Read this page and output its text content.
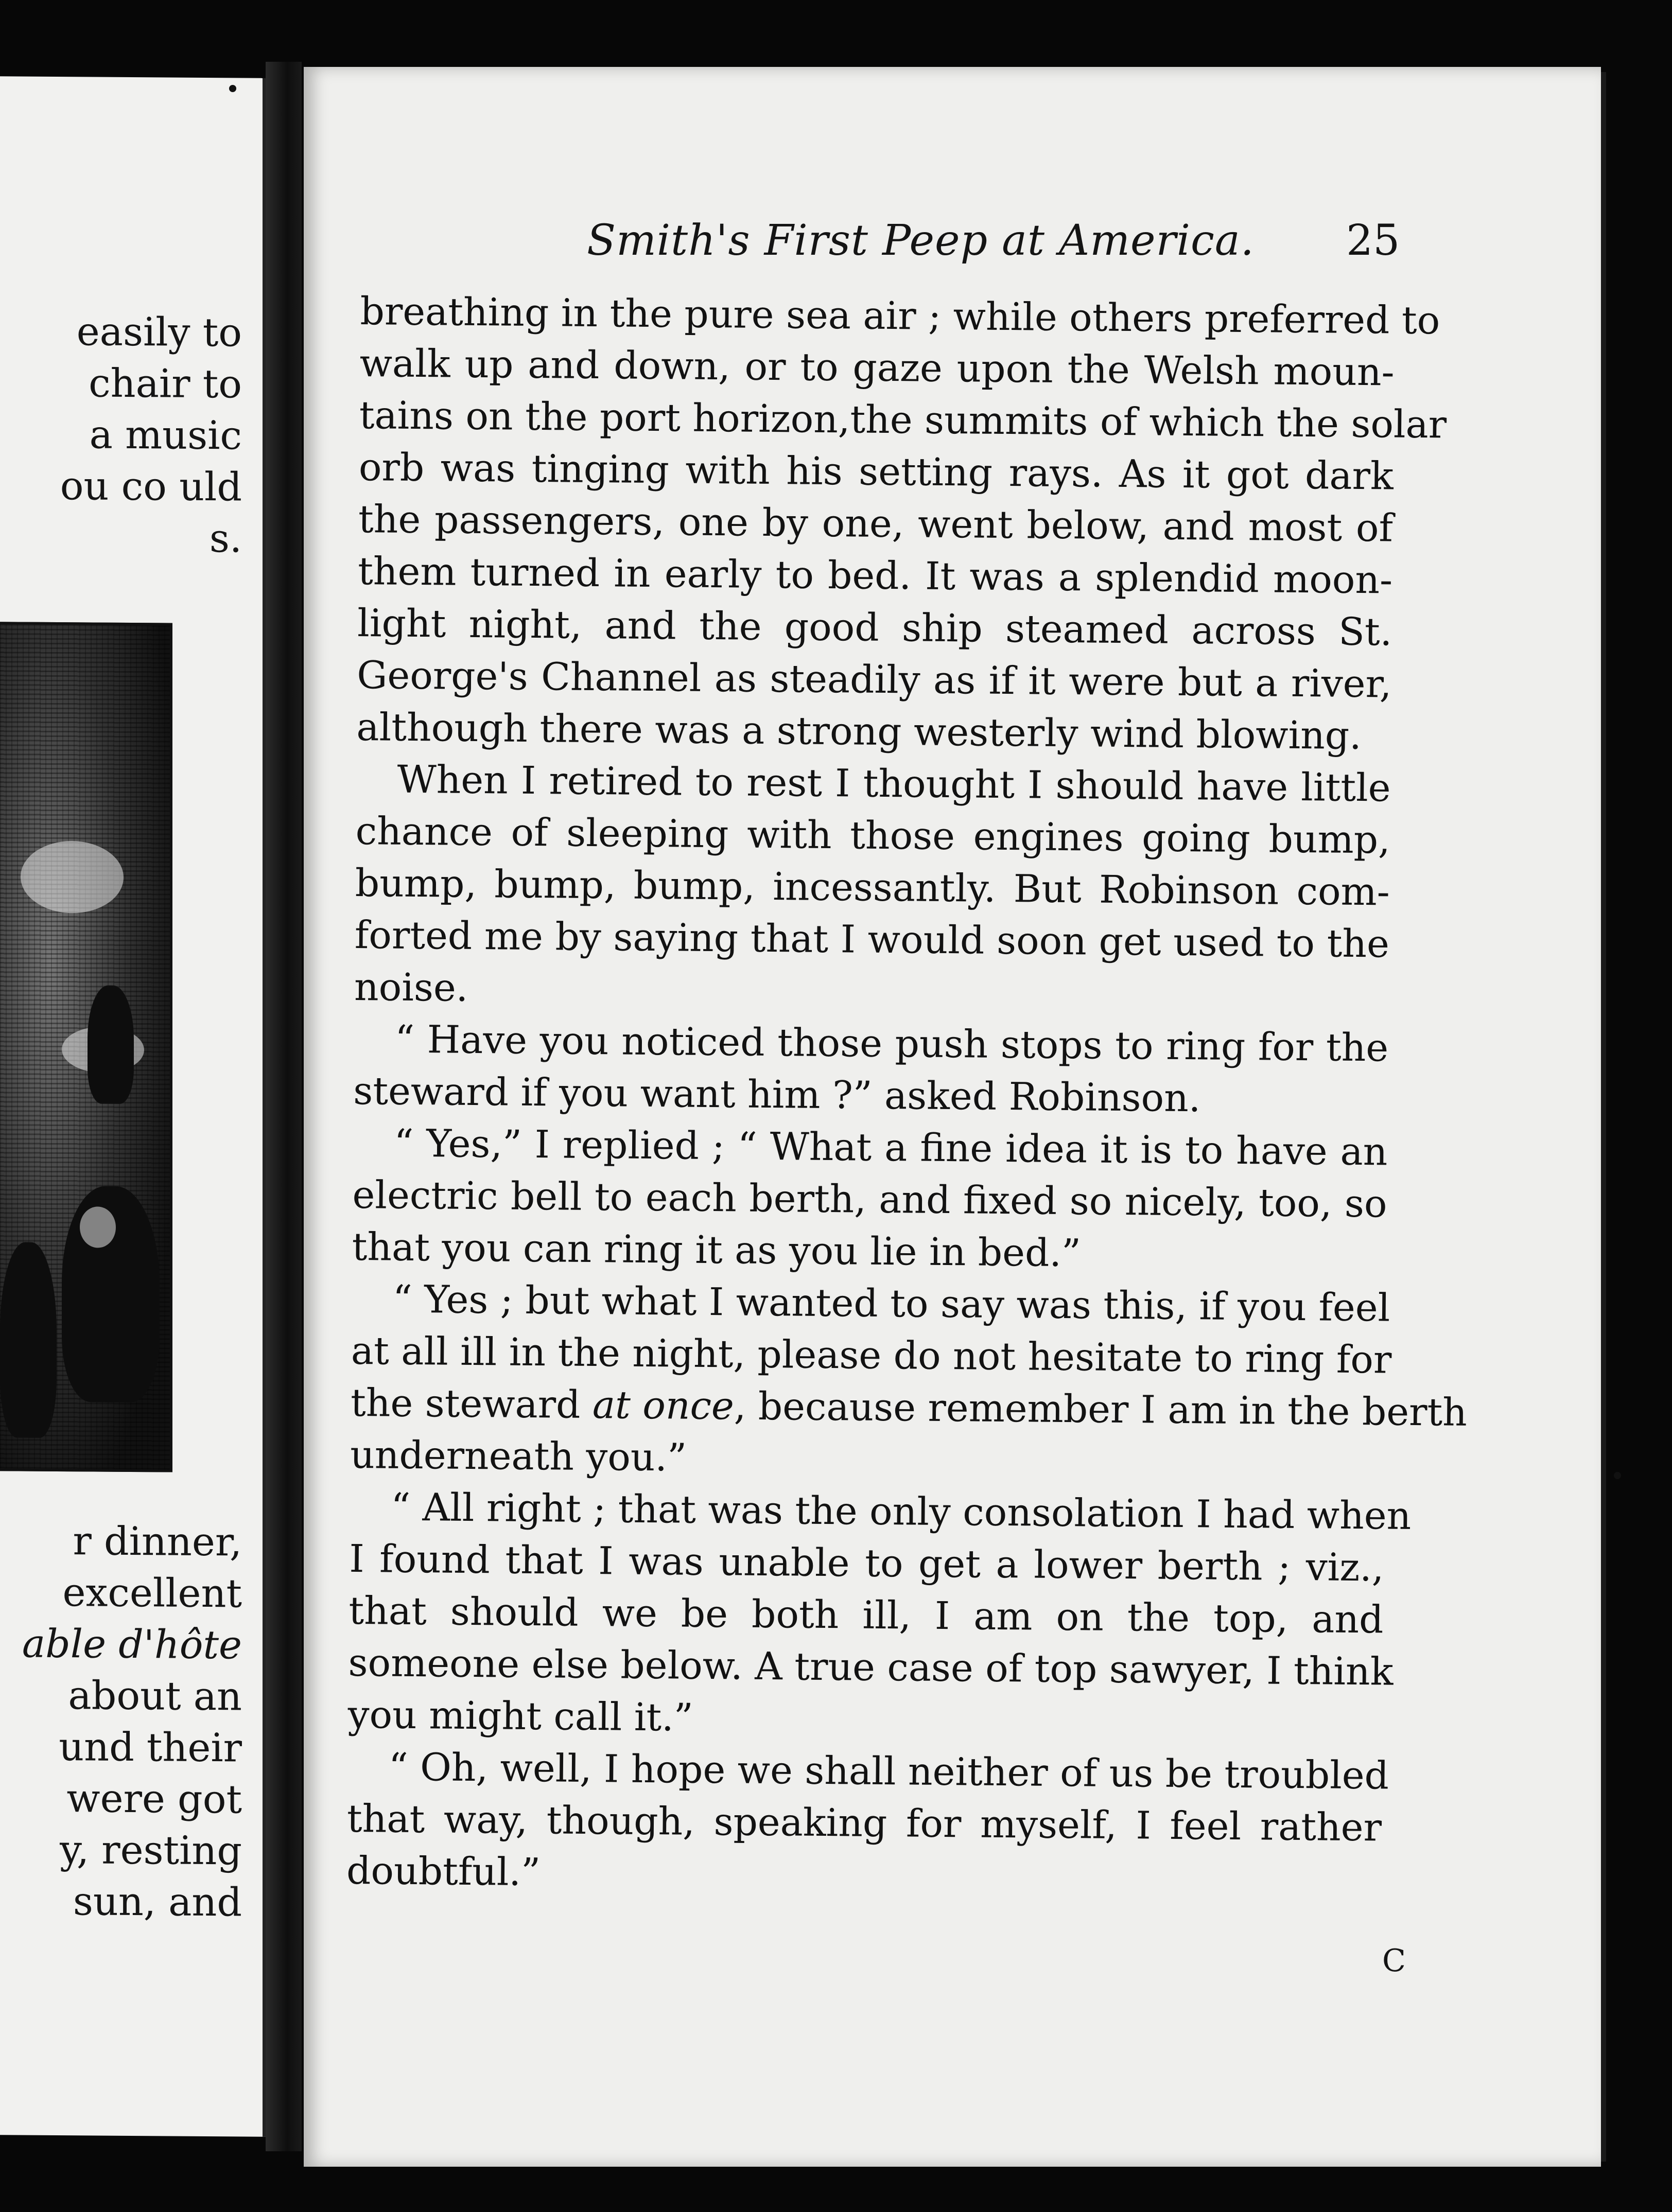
easily to
chair to
a music
ou co uld
s.
r dinner,
excellent
able d'hôte
about an
und their
were got
y, resting
sun, and
Smith's First Peep at America. 25

breathing in the pure sea air ; while others preferred to
walk up and down, or to gaze upon the Welsh moun-
tains on the port horizon,the summits of which the solar
orb was tinging with his setting rays. As it got dark
the passengers, one by one, went below, and most of
them turned in early to bed. It was a splendid moon-
light night, and the good ship steamed across St.
George's Channel as steadily as if it were but a river,
although there was a strong westerly wind blowing.

When I retired to rest I thought I should have little
chance of sleeping with those engines going bump,
bump, bump, bump, incessantly. But Robinson com-
forted me by saying that I would soon get used to the
noise.

“ Have you noticed those push stops to ring for the
steward if you want him ?” asked Robinson.

“ Yes,” I replied ; “ What a fine idea it is to have an
electric bell to each berth, and fixed so nicely, too, so
that you can ring it as you lie in bed.”

“ Yes ; but what I wanted to say was this, if you feel
at all ill in the night, please do not hesitate to ring for
the steward at once, because remember I am in the berth
underneath you.”

“ All right ; that was the only consolation I had when
I found that I was unable to get a lower berth ; viz.,
that should we be both ill, I am on the top, and
someone else below. A true case of top sawyer, I think
you might call it.”

“ Oh, well, I hope we shall neither of us be troubled
that way, though, speaking for myself, I feel rather
doubtful.”

C
